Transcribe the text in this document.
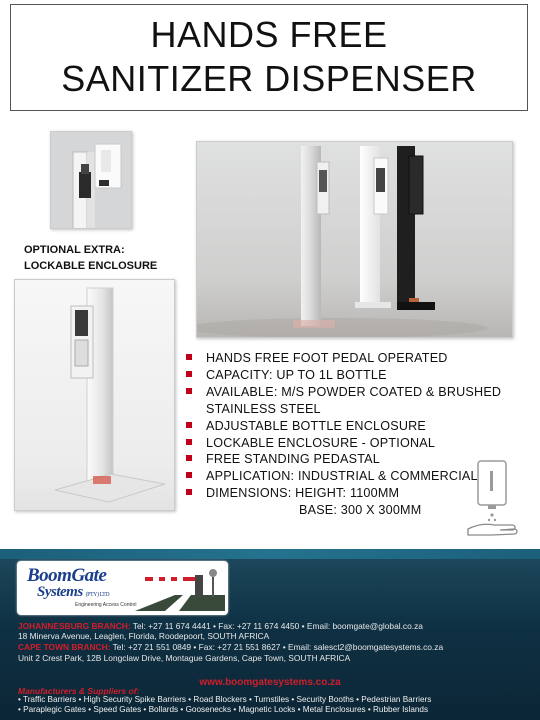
HANDS FREE
SANITIZER DISPENSER
OPTIONAL EXTRA:
LOCKABLE ENCLOSURE
HANDS FREE FOOT PEDAL OPERATED
CAPACITY: UP TO 1L BOTTLE
AVAILABLE: M/S POWDER COATED & BRUSHED STAINLESS STEEL
ADJUSTABLE BOTTLE ENCLOSURE
LOCKABLE ENCLOSURE - OPTIONAL
FREE STANDING PEDASTAL
APPLICATION: INDUSTRIAL & COMMERCIAL
DIMENSIONS: HEIGHT: 1100MM
BASE: 300 X 300MM
BoomGate
Systems (PTY) LTD
Engineering Access Control
JOHANNESBURG BRANCH: Tel: +27 11 674 4441 • Fax: +27 11 674 4450 • Email: boomgate@global.co.za
18 Minerva Avenue, Leaglen, Florida, Roodepoort, SOUTH AFRICA
CAPE TOWN BRANCH: Tel: +27 21 551 0849 • Fax: +27 21 551 8627 • Email: salesct2@boomgatesystems.co.za
Unit 2 Crest Park, 12B Longclaw Drive, Montague Gardens, Cape Town, SOUTH AFRICA
www.boomgatesystems.co.za
Manufacturers & Suppliers of:
• Traffic Barriers • High Security Spike Barriers • Road Blockers • Turnstiles • Security Booths • Pedestrian Barriers
• Paraplegic Gates • Speed Gates • Bollards • Goosenecks • Magnetic Locks • Metal Enclosures • Rubber Islands
